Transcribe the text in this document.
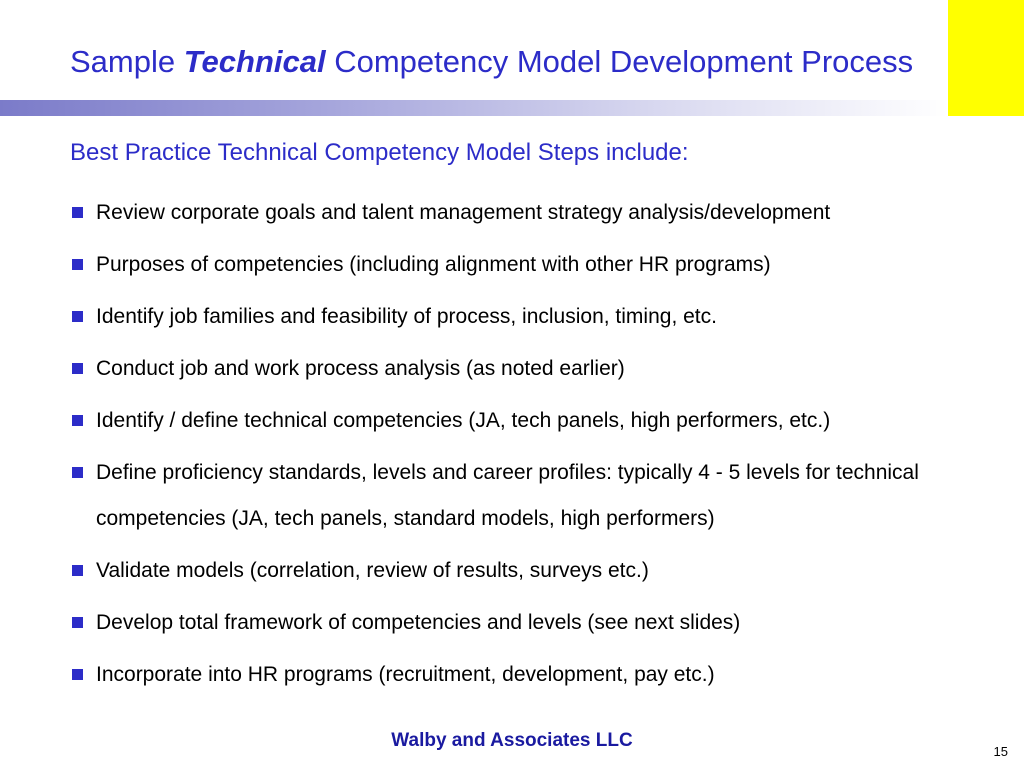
Sample Technical Competency Model Development Process
Best Practice Technical Competency Model Steps include:
Review corporate goals and talent management strategy analysis/development
Purposes of competencies (including alignment with other HR programs)
Identify job families and feasibility of process, inclusion, timing, etc.
Conduct job and work process analysis (as noted earlier)
Identify / define technical competencies (JA, tech panels, high performers, etc.)
Define proficiency standards, levels and career profiles: typically 4 - 5 levels for technical competencies (JA, tech panels, standard models, high performers)
Validate models (correlation, review of results, surveys etc.)
Develop total framework of competencies and levels (see next slides)
Incorporate into HR programs (recruitment, development, pay etc.)
Walby and Associates LLC
15
